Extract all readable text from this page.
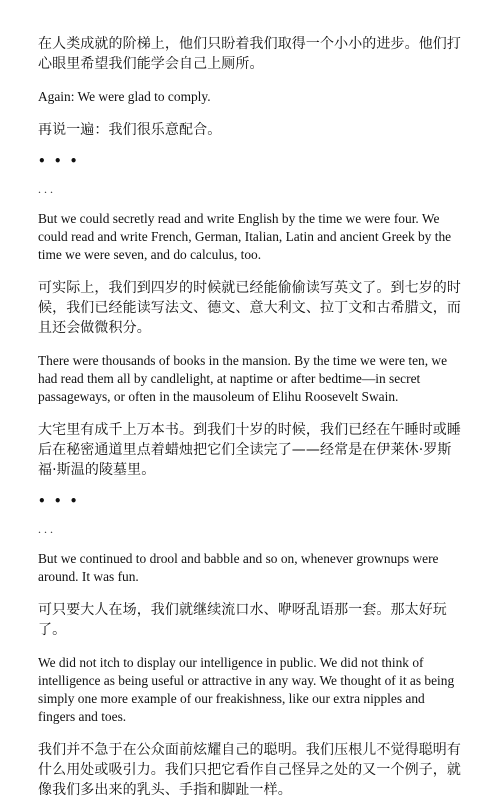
在人类成就的阶梯上，他们只盼着我们取得一个小小的进步。他们打心眼里希望我们能学会自己上厕所。

Again: We were glad to comply.

再说一遍：我们很乐意配合。

• • •
. . .

But we could secretly read and write English by the time we were four. We could read and write French, German, Italian, Latin and ancient Greek by the time we were seven, and do calculus, too.

可实际上，我们到四岁的时候就已经能偷偷读写英文了。到七岁的时候，我们已经能读写法文、德文、意大利文、拉丁文和古希腊文，而且还会做微积分。

There were thousands of books in the mansion. By the time we were ten, we had read them all by candlelight, at naptime or after bedtime—in secret passageways, or often in the mausoleum of Elihu Roosevelt Swain.

大宅里有成千上万本书。到我们十岁的时候，我们已经在午睡时或睡后在秘密通道里点着蜡烛把它们全读完了——经常是在伊莱休·罗斯福·斯温的陵墓里。

• • •
. . .

But we continued to drool and babble and so on, whenever grownups were around. It was fun.

可只要大人在场，我们就继续流口水、咿呀乱语那一套。那太好玩了。

We did not itch to display our intelligence in public. We did not think of intelligence as being useful or attractive in any way. We thought of it as being simply one more example of our freakishness, like our extra nipples and fingers and toes.

我们并不急于在公众面前炫耀自己的聪明。我们压根儿不觉得聪明有什么用处或吸引力。我们只把它看作自己怪异之处的又一个例子，就像我们多出来的乳头、手指和脚趾一样。
